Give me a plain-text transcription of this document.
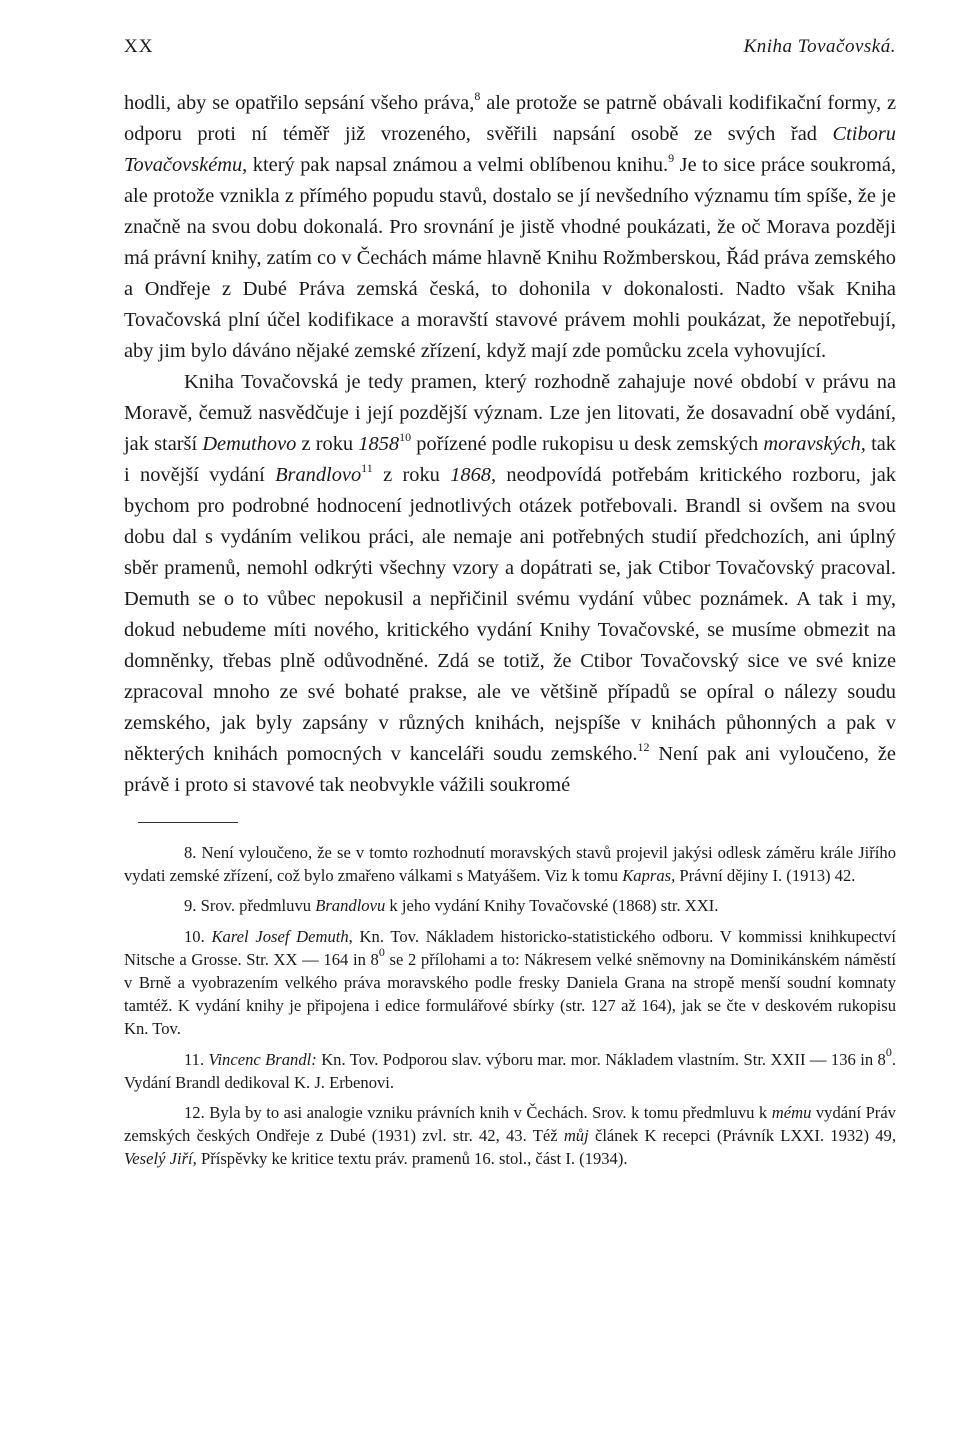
XX	Kniha Tovačovská.

hodli, aby se opatřilo sepsání všeho práva,$^8$ ale protože se patrně obávali kodifikační formy, z odporu proti ní téměř již vrozeného, svěřili napsání osobě ze svých řad Ctiboru Tovačovskému, který pak napsal známou a velmi oblíbenou knihu.$^9$ Je to sice práce soukromá, ale protože vznikla z přímého popudu stavů, dostalo se jí nevšedního významu tím spíše, že je značně na svou dobu dokonalá. Pro srovnání je jistě vhodné poukázati, že oč Morava později má právní knihy, zatím co v Čechách máme hlavně Knihu Rožmberskou, Řád práva zemského a Ondřeje z Dubé Práva zemská česká, to dohonila v dokonalosti. Nadto však Kniha Tovačovská plní účel kodifikace a moravští stavové právem mohli poukázat, že nepotřebují, aby jim bylo dáváno nějaké zemské zřízení, když mají zde pomůcku zcela vyhovující.

Kniha Tovačovská je tedy pramen, který rozhodně zahajuje nové období v právu na Moravě, čemuž nasvědčuje i její pozdější význam. Lze jen litovati, že dosavadní obě vydání, jak starší Demuthovo z roku 1858$^{10}$ pořízené podle rukopisu u desk zemských moravských, tak i novější vydání Brandlovo$^{11}$ z roku 1868, neodpovídá potřebám kritického rozboru, jak bychom pro podrobné hodnocení jednotlivých otázek potřebovali. Brandl si ovšem na svou dobu dal s vydáním velikou práci, ale nemaje ani potřebných studií předchozích, ani úplný sběr pramenů, nemohl odkrýti všechny vzory a dopátrati se, jak Ctibor Tovačovský pracoval. Demuth se o to vůbec nepokusil a nepřičinil svému vydání vůbec poznámek. A tak i my, dokud nebudeme míti nového, kritického vydání Knihy Tovačovské, se musíme obmezit na domněnky, třebas plně odůvodněné. Zdá se totiž, že Ctibor Tovačovský sice ve své knize zpracoval mnoho ze své bohaté prakse, ale ve většině případů se opíral o nálezy soudu zemského, jak byly zapsány v různých knihách, nejspíše v knihách půhonných a pak v některých knihách pomocných v kanceláři soudu zemského.$^{12}$ Není pak ani vyloučeno, že právě i proto si stavové tak neobvykle vážili soukromé

8. Není vyloučeno, že se v tomto rozhodnutí moravských stavů projevil jakýsi odlesk záměru krále Jiřího vydati zemské zřízení, což bylo zmařeno válkami s Matyášem. Viz k tomu Kapras, Právní dějiny I. (1913) 42.

9. Srov. předmluvu Brandlovu k jeho vydání Knihy Tovačovské (1868) str. XXI.

10. Karel Josef Demuth, Kn. Tov. Nákladem historicko-statistického odboru. V kommissi knihkupectví Nitsche a Grosse. Str. XX — 164 in $8^0$ se 2 přílohami a to: Nákresem velké sněmovny na Dominikánském náměstí v Brně a vyobrazením velkého práva moravského podle fresky Daniela Grana na stropě menší soudní komnaty tamtéž. K vydání knihy je připojena i edice formulářové sbírky (str. 127 až 164), jak se čte v deskovém rukopisu Kn. Tov.

11. Vincenc Brandl: Kn. Tov. Podporou slav. výboru mar. mor. Nákladem vlastním. Str. XXII — 136 in $8^0$. Vydání Brandl dedikoval K. J. Erbenovi.

12. Byla by to asi analogie vzniku právních knih v Čechách. Srov. k tomu předmluvu k mému vydání Práv zemských českých Ondřeje z Dubé (1931) zvl. str. 42, 43. Též můj článek K recepci (Právník LXXI. 1932) 49, Veselý Jiří, Příspěvky ke kritice textu práv. pramenů 16. stol., část I. (1934).
